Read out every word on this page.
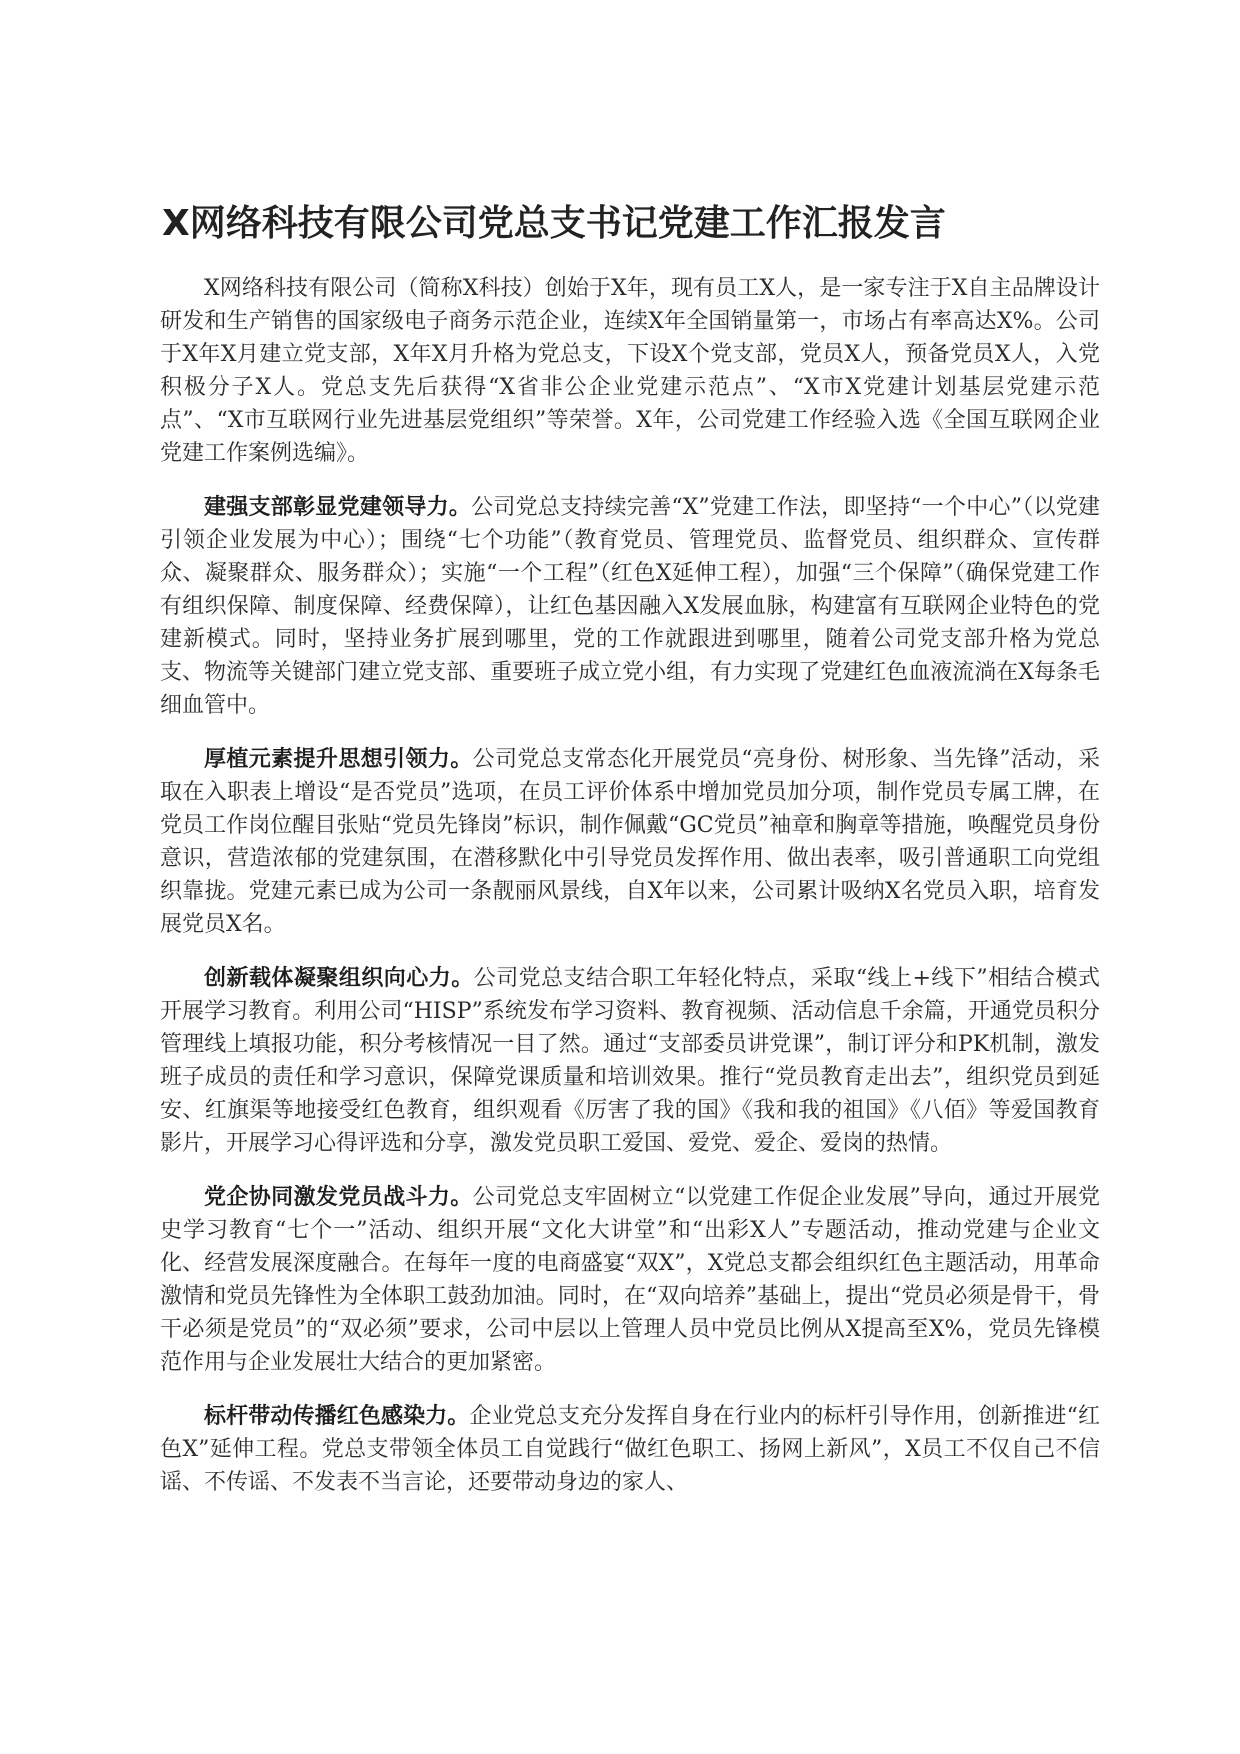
X网络科技有限公司党总支书记党建工作汇报发言

X网络科技有限公司（简称X科技）创始于X年，现有员工X人，是一家专注于X自主品牌设计研发和生产销售的国家级电子商务示范企业，连续X年全国销量第一，市场占有率高达X%。公司于X年X月建立党支部，X年X月升格为党总支，下设X个党支部，党员X人，预备党员X人，入党积极分子X人。党总支先后获得“X省非公企业党建示范点”、“X市X党建计划基层党建示范点”、“X市互联网行业先进基层党组织”等荣誉。X年，公司党建工作经验入选《全国互联网企业党建工作案例选编》。

建强支部彰显党建领导力。公司党总支持续完善“X”党建工作法，即坚持“一个中心”（以党建引领企业发展为中心）；围绕“七个功能”（教育党员、管理党员、监督党员、组织群众、宣传群众、凝聚群众、服务群众）；实施“一个工程”（红色X延伸工程），加强“三个保障”（确保党建工作有组织保障、制度保障、经费保障），让红色基因融入X发展血脉，构建富有互联网企业特色的党建新模式。同时，坚持业务扩展到哪里，党的工作就跟进到哪里，随着公司党支部升格为党总支、物流等关键部门建立党支部、重要班子成立党小组，有力实现了党建红色血液流淌在X每条毛细血管中。

厚植元素提升思想引领力。公司党总支常态化开展党员“亮身份、树形象、当先锋”活动，采取在入职表上增设“是否党员”选项，在员工评价体系中增加党员加分项，制作党员专属工牌，在党员工作岗位醒目张贴“党员先锋岗”标识，制作佩戴“GC党员”袖章和胸章等措施，唤醒党员身份意识，营造浓郁的党建氛围，在潜移默化中引导党员发挥作用、做出表率，吸引普通职工向党组织靠拢。党建元素已成为公司一条靓丽风景线，自X年以来，公司累计吸纳X名党员入职，培育发展党员X名。

创新载体凝聚组织向心力。公司党总支结合职工年轻化特点，采取“线上+线下”相结合模式开展学习教育。利用公司“HISP”系统发布学习资料、教育视频、活动信息千余篇，开通党员积分管理线上填报功能，积分考核情况一目了然。通过“支部委员讲党课”，制订评分和PK机制，激发班子成员的责任和学习意识，保障党课质量和培训效果。推行“党员教育走出去”，组织党员到延安、红旗渠等地接受红色教育，组织观看《厉害了我的国》《我和我的祖国》《八佰》等爱国教育影片，开展学习心得评选和分享，激发党员职工爱国、爱党、爱企、爱岗的热情。

党企协同激发党员战斗力。公司党总支牢固树立“以党建工作促企业发展”导向，通过开展党史学习教育“七个一”活动、组织开展“文化大讲堂”和“出彩X人”专题活动，推动党建与企业文化、经营发展深度融合。在每年一度的电商盛宴“双X”，X党总支都会组织红色主题活动，用革命激情和党员先锋性为全体职工鼓劲加油。同时，在“双向培养”基础上，提出“党员必须是骨干，骨干必须是党员”的“双必须”要求，公司中层以上管理人员中党员比例从X提高至X%，党员先锋模范作用与企业发展壮大结合的更加紧密。

标杆带动传播红色感染力。企业党总支充分发挥自身在行业内的标杆引导作用，创新推进“红色X”延伸工程。党总支带领全体员工自觉践行“做红色职工、扬网上新风”，X员工不仅自己不信谣、不传谣、不发表不当言论，还要带动身边的家人、
